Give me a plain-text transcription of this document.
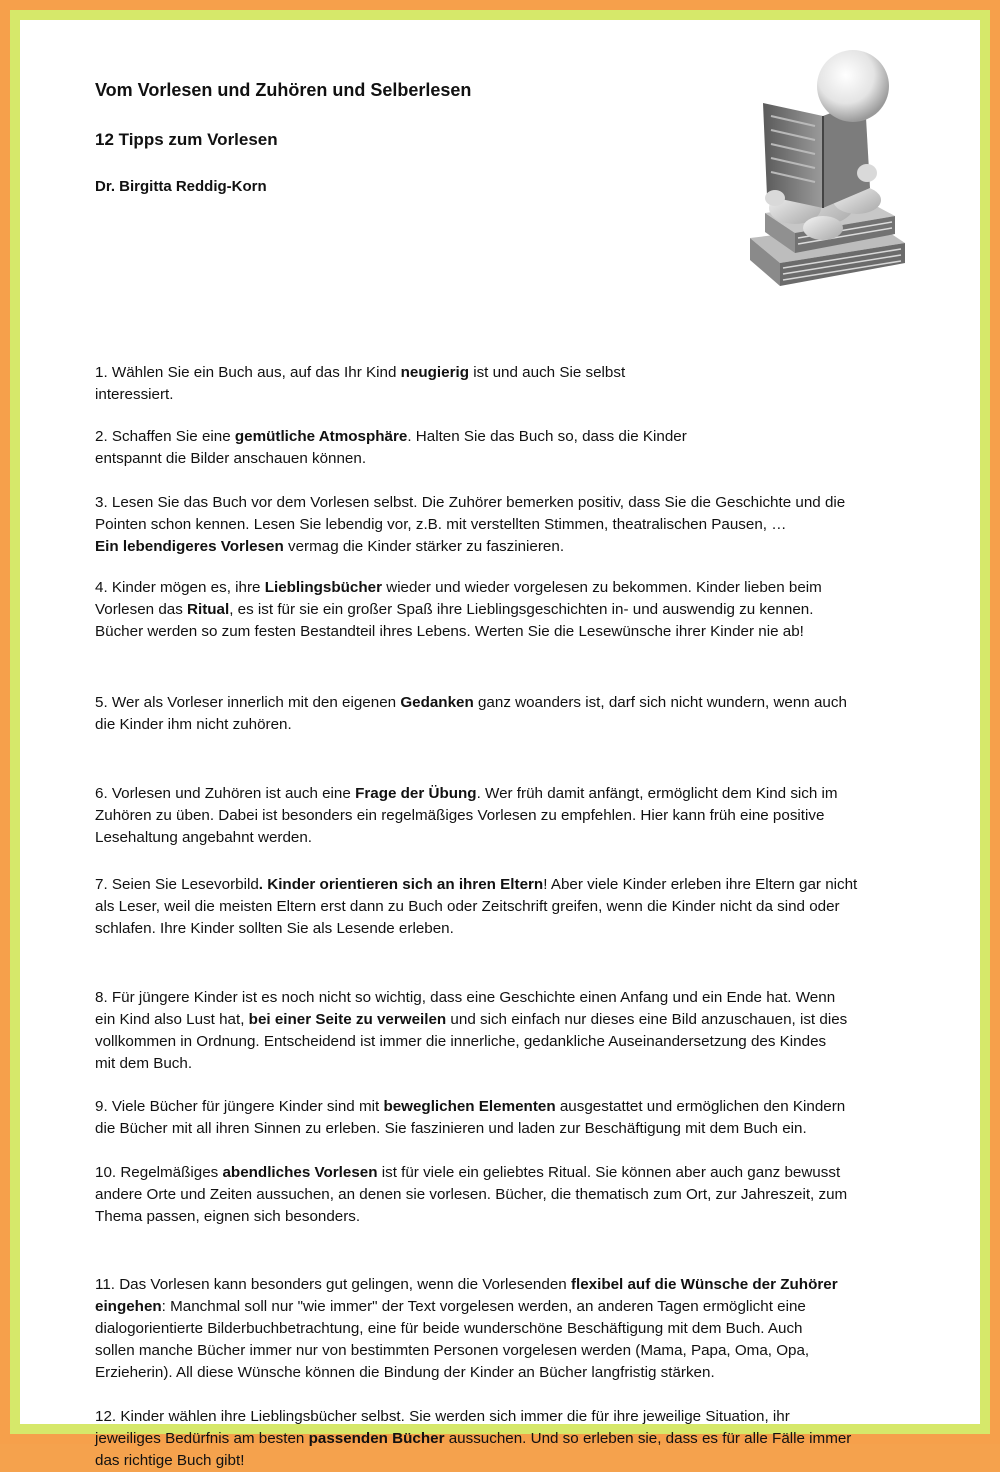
Vom Vorlesen und Zuhören und Selberlesen
12 Tipps zum Vorlesen
Dr. Birgitta Reddig-Korn

1. Wählen Sie ein Buch aus, auf das Ihr Kind neugierig ist und auch Sie selbst
interessiert.

2. Schaffen Sie eine gemütliche Atmosphäre. Halten Sie das Buch so, dass die Kinder
entspannt die Bilder anschauen können.

3. Lesen Sie das Buch vor dem Vorlesen selbst. Die Zuhörer bemerken positiv, dass Sie die Geschichte und die
Pointen schon kennen. Lesen Sie lebendig vor, z.B. mit verstellten Stimmen, theatralischen Pausen, …
Ein lebendigeres Vorlesen vermag die Kinder stärker zu faszinieren.

4. Kinder mögen es, ihre Lieblingsbücher wieder und wieder vorgelesen zu bekommen. Kinder lieben beim
Vorlesen das Ritual, es ist für sie ein großer Spaß ihre Lieblingsgeschichten in- und auswendig zu kennen.
Bücher werden so zum festen Bestandteil ihres Lebens. Werten Sie die Lesewünsche ihrer Kinder nie ab!

5. Wer als Vorleser innerlich mit den eigenen Gedanken ganz woanders ist, darf sich nicht wundern, wenn auch
die Kinder ihm nicht zuhören.

6. Vorlesen und Zuhören ist auch eine Frage der Übung. Wer früh damit anfängt, ermöglicht dem Kind sich im
Zuhören zu üben. Dabei ist besonders ein regelmäßiges Vorlesen zu empfehlen. Hier kann früh eine positive
Lesehaltung angebahnt werden.

7. Seien Sie Lesevorbild. Kinder orientieren sich an ihren Eltern! Aber viele Kinder erleben ihre Eltern gar nicht
als Leser, weil die meisten Eltern erst dann zu Buch oder Zeitschrift greifen, wenn die Kinder nicht da sind oder
schlafen. Ihre Kinder sollten Sie als Lesende erleben.

8. Für jüngere Kinder ist es noch nicht so wichtig, dass eine Geschichte einen Anfang und ein Ende hat. Wenn
ein Kind also Lust hat, bei einer Seite zu verweilen und sich einfach nur dieses eine Bild anzuschauen, ist dies
vollkommen in Ordnung. Entscheidend ist immer die innerliche, gedankliche Auseinandersetzung des Kindes
mit dem Buch.

9. Viele Bücher für jüngere Kinder sind mit beweglichen Elementen ausgestattet und ermöglichen den Kindern
die Bücher mit all ihren Sinnen zu erleben. Sie faszinieren und laden zur Beschäftigung mit dem Buch ein.

10. Regelmäßiges abendliches Vorlesen ist für viele ein geliebtes Ritual. Sie können aber auch ganz bewusst
andere Orte und Zeiten aussuchen, an denen sie vorlesen. Bücher, die thematisch zum Ort, zur Jahreszeit, zum
Thema passen, eignen sich besonders.

11. Das Vorlesen kann besonders gut gelingen, wenn die Vorlesenden flexibel auf die Wünsche der Zuhörer
eingehen: Manchmal soll nur "wie immer" der Text vorgelesen werden, an anderen Tagen ermöglicht eine
dialogorientierte Bilderbuchbetrachtung, eine für beide wunderschöne Beschäftigung mit dem Buch. Auch
sollen manche Bücher immer nur von bestimmten Personen vorgelesen werden (Mama, Papa, Oma, Opa,
Erzieherin). All diese Wünsche können die Bindung der Kinder an Bücher langfristig stärken.

12. Kinder wählen ihre Lieblingsbücher selbst. Sie werden sich immer die für ihre jeweilige Situation, ihr
jeweiliges Bedürfnis am besten passenden Bücher aussuchen. Und so erleben sie, dass es für alle Fälle immer
das richtige Buch gibt!
